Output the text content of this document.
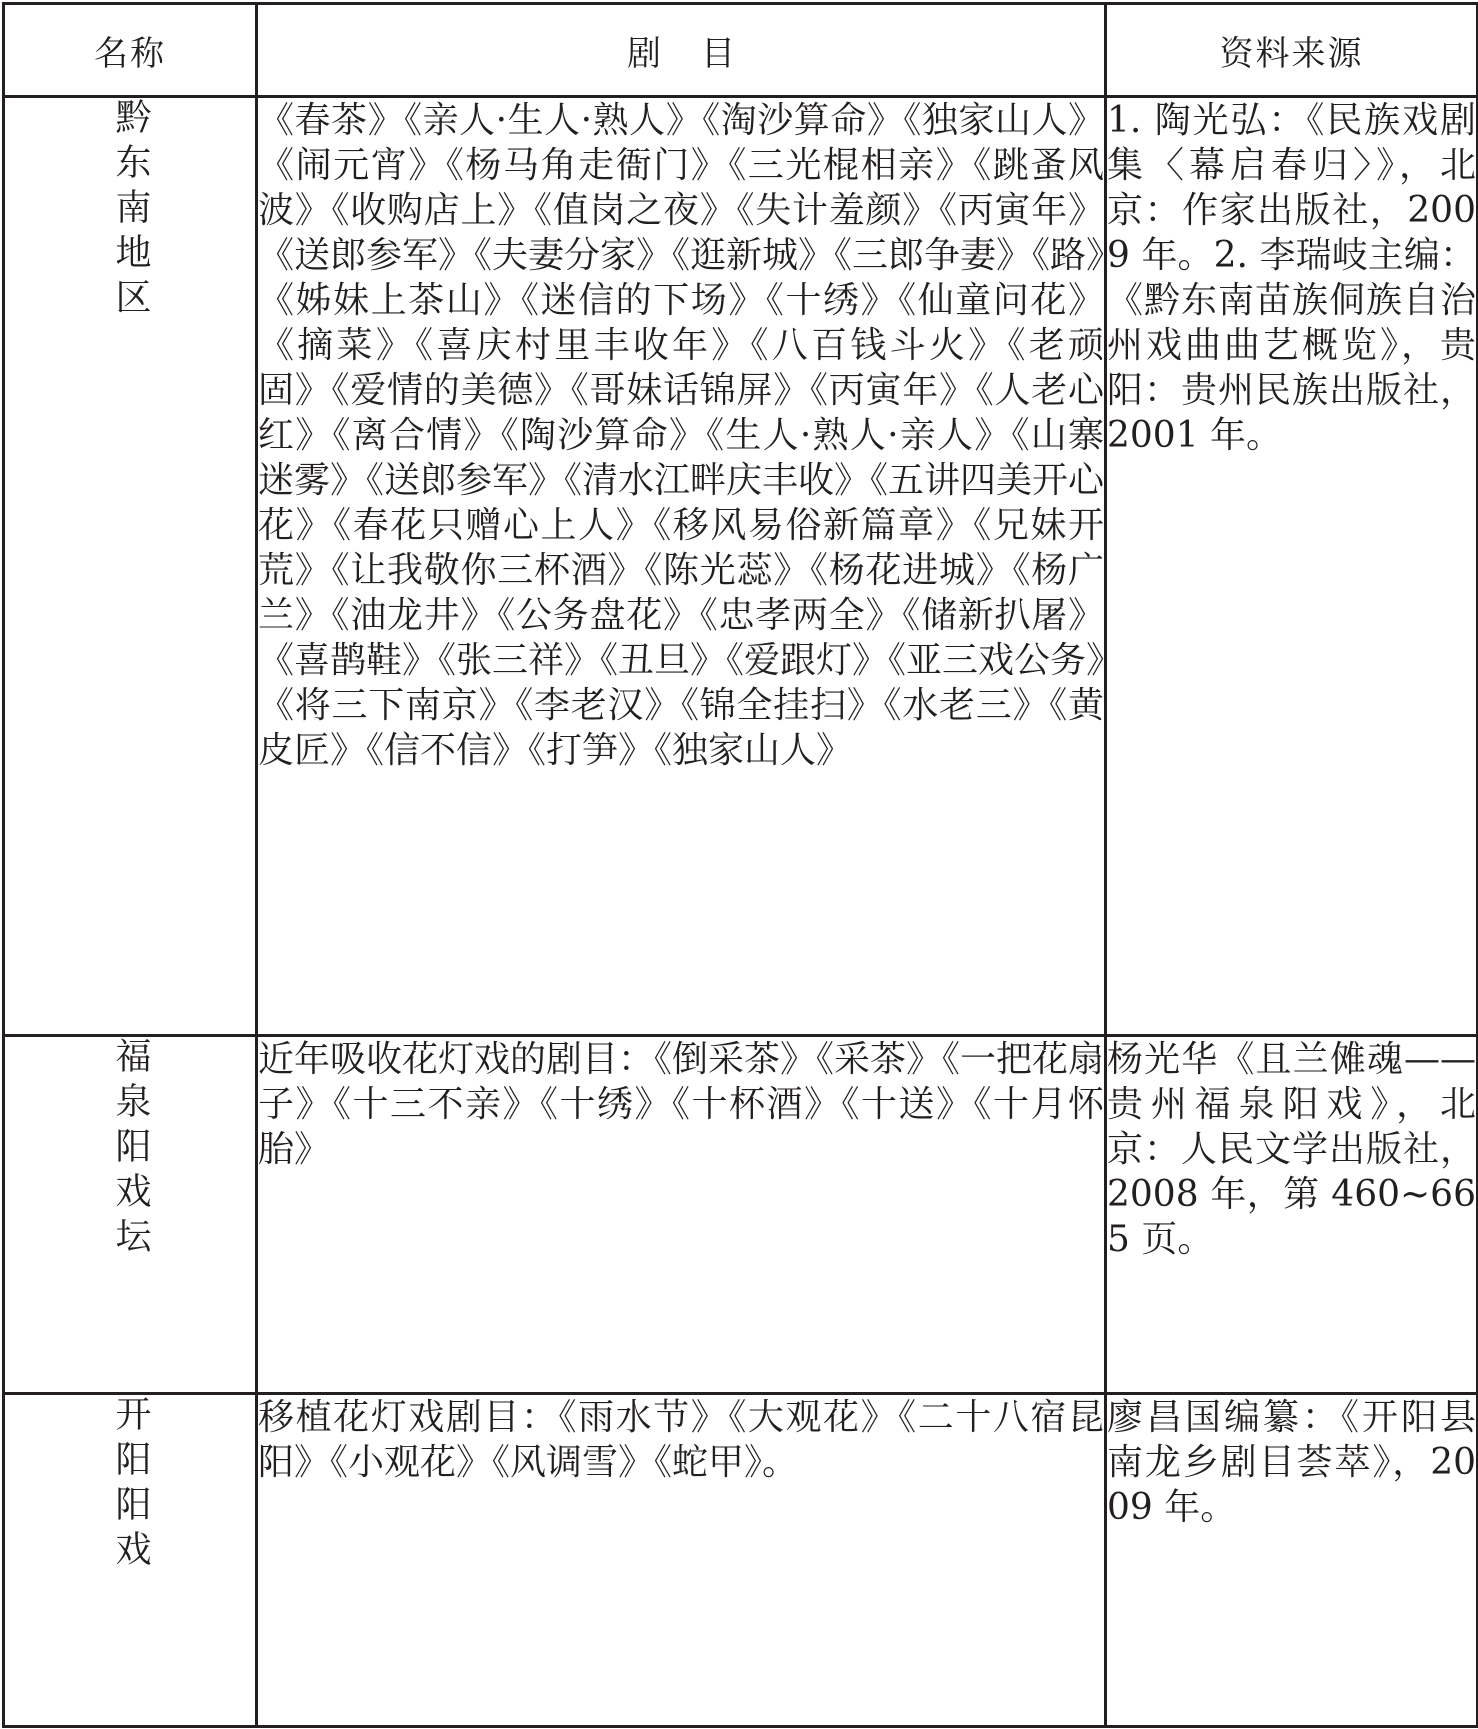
名称	剧目	资料来源
黔东南地区	《春茶》《亲人·生人·熟人》《淘沙算命》《独家山人》《闹元宵》《杨马角走衙门》《三光棍相亲》《跳蚤风波》《收购店上》《值岗之夜》《失计羞颜》《丙寅年》《送郎参军》《夫妻分家》《逛新城》《三郎争妻》《路》《姊妹上茶山》《迷信的下场》《十绣》《仙童问花》《摘菜》《喜庆村里丰收年》《八百钱斗火》《老顽固》《爱情的美德》《哥妹话锦屏》《丙寅年》《人老心红》《离合情》《陶沙算命》《生人·熟人·亲人》《山寨迷雾》《送郎参军》《清水江畔庆丰收》《五讲四美开心花》《春花只赠心上人》《移风易俗新篇章》《兄妹开荒》《让我敬你三杯酒》《陈光蕊》《杨花进城》《杨广兰》《油龙井》《公务盘花》《忠孝两全》《储新扒屠》《喜鹊鞋》《张三祥》《丑旦》《爱跟灯》《亚三戏公务》《将三下南京》《李老汉》《锦全挂扫》《水老三》《黄皮匠》《信不信》《打笋》《独家山人》	1. 陶光弘：《民族戏剧集〈幕启春归〉》，北京：作家出版社，2009 年。2. 李瑞岐主编：《黔东南苗族侗族自治州戏曲曲艺概览》，贵阳：贵州民族出版社，2001 年。
福泉阳戏坛	近年吸收花灯戏的剧目：《倒采茶》《采茶》《一把花扇子》《十三不亲》《十绣》《十杯酒》《十送》《十月怀胎》	杨光华《且兰傩魂——贵州福泉阳戏》，北京：人民文学出版社，2008 年，第 460~665 页。
开阳阳戏	移植花灯戏剧目：《雨水节》《大观花》《二十八宿昆阳》《小观花》《风调雪》《蛇甲》。	廖昌国编纂：《开阳县南龙乡剧目荟萃》，2009 年。
